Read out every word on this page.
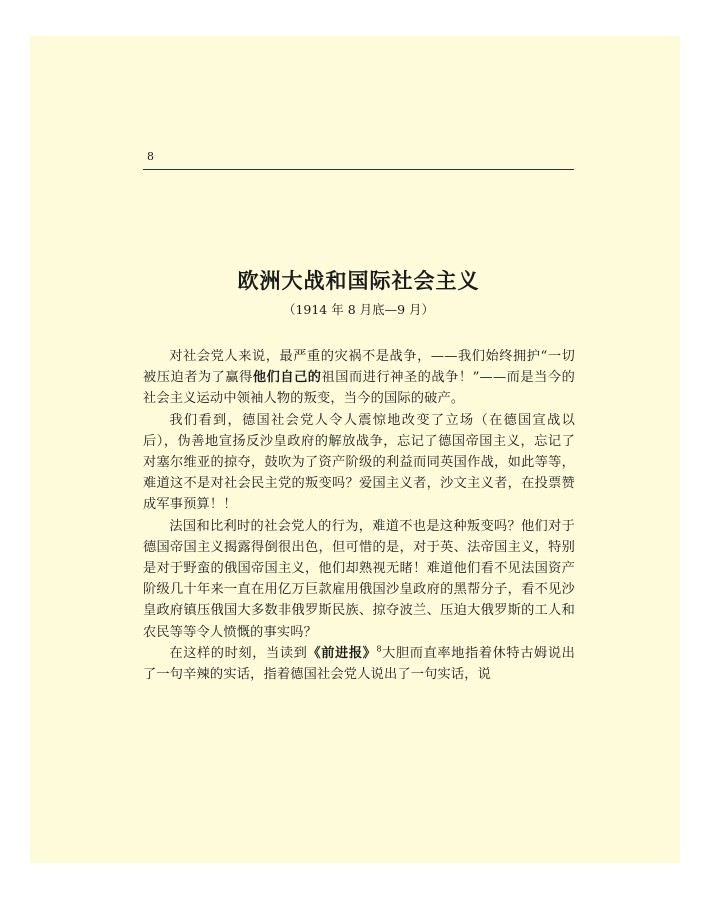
8
欧洲大战和国际社会主义
（1914 年 8 月底—9 月）

对社会党人来说，最严重的灾祸不是战争，——我们始终拥护“一切被压迫者为了赢得他们自己的祖国而进行神圣的战争！”——而是当今的社会主义运动中领袖人物的叛变，当今的国际的破产。

我们看到，德国社会党人令人震惊地改变了立场（在德国宣战以后），伪善地宣扬反沙皇政府的解放战争，忘记了德国帝国主义，忘记了对塞尔维亚的掠夺，鼓吹为了资产阶级的利益而同英国作战，如此等等，难道这不是对社会民主党的叛变吗？爱国主义者，沙文主义者，在投票赞成军事预算！！

法国和比利时的社会党人的行为，难道不也是这种叛变吗？他们对于德国帝国主义揭露得倒很出色，但可惜的是，对于英、法帝国主义，特别是对于野蛮的俄国帝国主义，他们却熟视无睹！难道他们看不见法国资产阶级几十年来一直在用亿万巨款雇用俄国沙皇政府的黑帮分子，看不见沙皇政府镇压俄国大多数非俄罗斯民族、掠夺波兰、压迫大俄罗斯的工人和农民等等令人愤慨的事实吗？

在这样的时刻，当读到《前进报》$^8$大胆而直率地指着休特古姆说出了一句辛辣的实话，指着德国社会党人说出了一句实话，说
